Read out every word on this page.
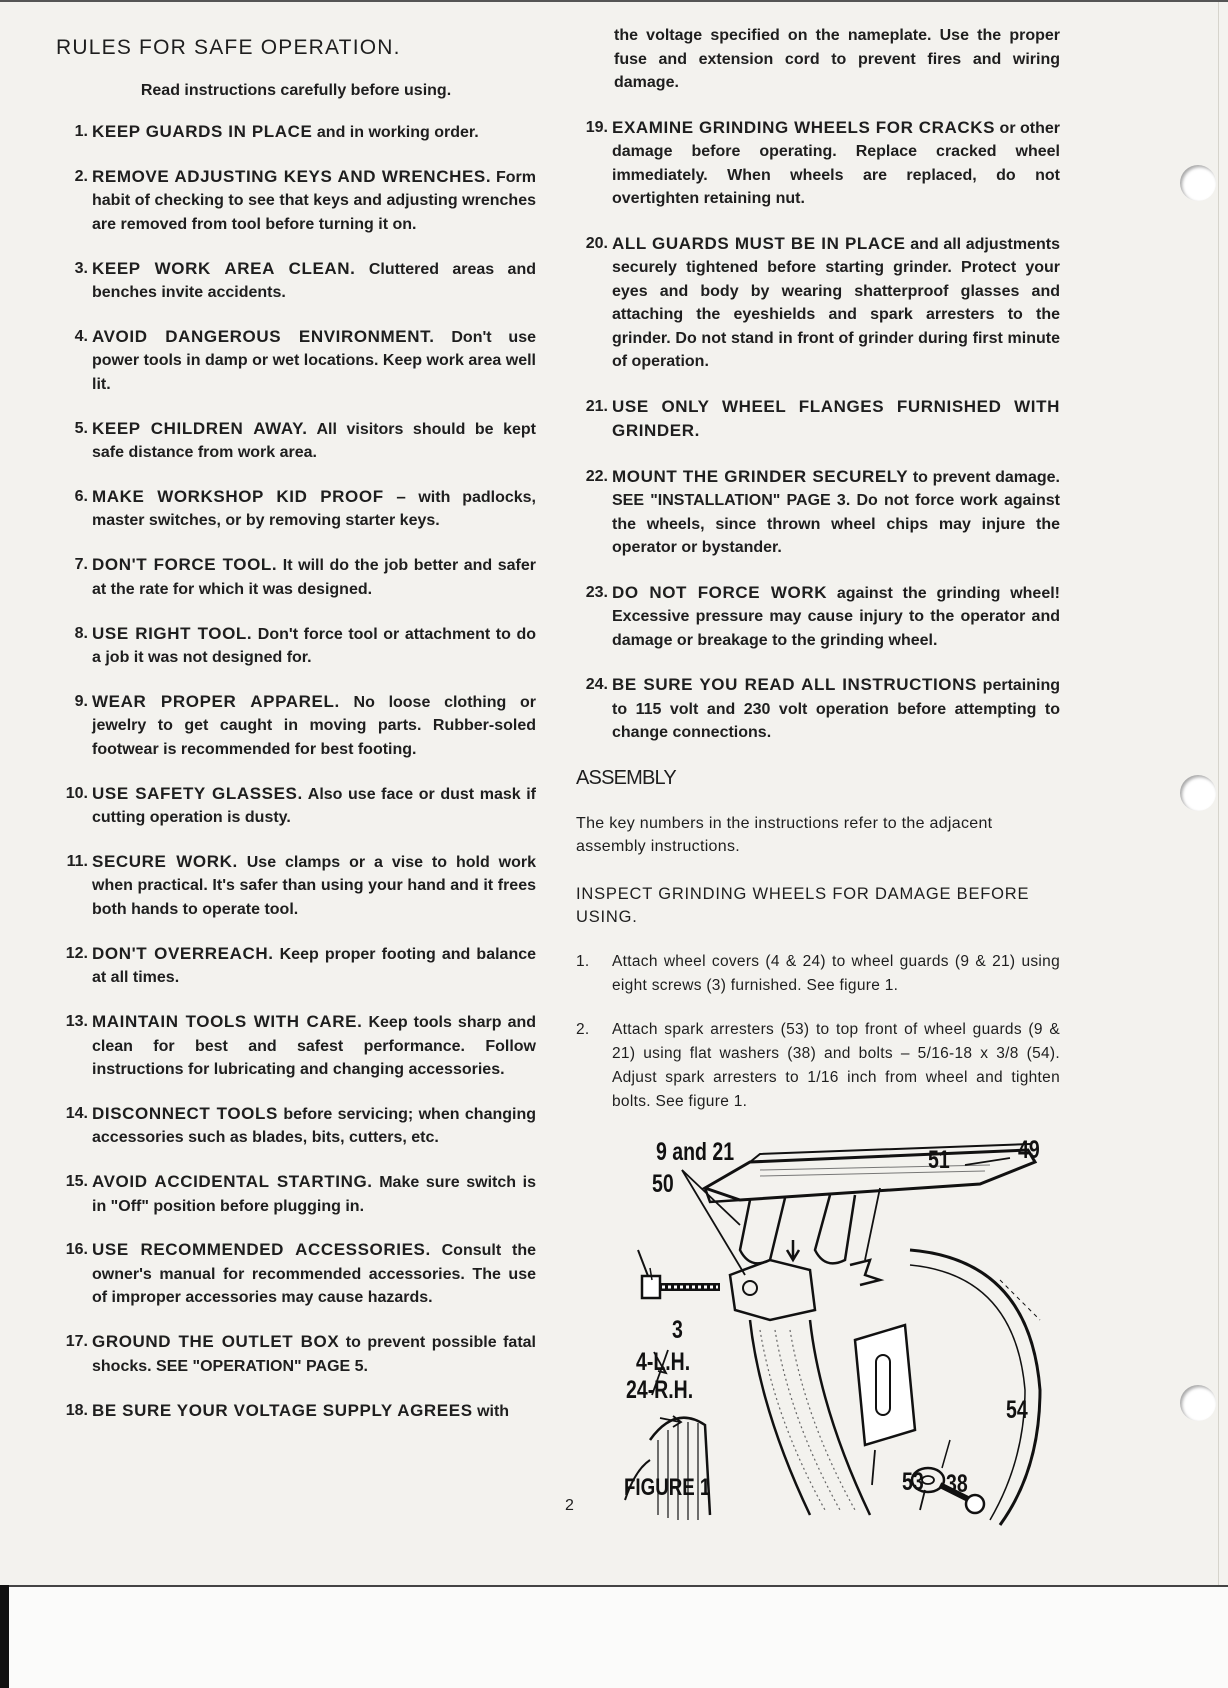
RULES FOR SAFE OPERATION.

Read instructions carefully before using.

1. KEEP GUARDS IN PLACE and in working order.
2. REMOVE ADJUSTING KEYS AND WRENCHES. Form habit of checking to see that keys and adjusting wrenches are removed from tool before turning it on.
3. KEEP WORK AREA CLEAN. Cluttered areas and benches invite accidents.
4. AVOID DANGEROUS ENVIRONMENT. Don't use power tools in damp or wet locations. Keep work area well lit.
5. KEEP CHILDREN AWAY. All visitors should be kept safe distance from work area.
6. MAKE WORKSHOP KID PROOF – with padlocks, master switches, or by removing starter keys.
7. DON'T FORCE TOOL. It will do the job better and safer at the rate for which it was designed.
8. USE RIGHT TOOL. Don't force tool or attachment to do a job it was not designed for.
9. WEAR PROPER APPAREL. No loose clothing or jewelry to get caught in moving parts. Rubber-soled footwear is recommended for best footing.
10. USE SAFETY GLASSES. Also use face or dust mask if cutting operation is dusty.
11. SECURE WORK. Use clamps or a vise to hold work when practical. It's safer than using your hand and it frees both hands to operate tool.
12. DON'T OVERREACH. Keep proper footing and balance at all times.
13. MAINTAIN TOOLS WITH CARE. Keep tools sharp and clean for best and safest performance. Follow instructions for lubricating and changing accessories.
14. DISCONNECT TOOLS before servicing; when changing accessories such as blades, bits, cutters, etc.
15. AVOID ACCIDENTAL STARTING. Make sure switch is in "Off" position before plugging in.
16. USE RECOMMENDED ACCESSORIES. Consult the owner's manual for recommended accessories. The use of improper accessories may cause hazards.
17. GROUND THE OUTLET BOX to prevent possible fatal shocks. SEE "OPERATION" PAGE 5.
18. BE SURE YOUR VOLTAGE SUPPLY AGREES with
the voltage specified on the nameplate. Use the proper fuse and extension cord to prevent fires and wiring damage.
19. EXAMINE GRINDING WHEELS FOR CRACKS or other damage before operating. Replace cracked wheel immediately. When wheels are replaced, do not overtighten retaining nut.
20. ALL GUARDS MUST BE IN PLACE and all adjustments securely tightened before starting grinder. Protect your eyes and body by wearing shatterproof glasses and attaching the eyeshields and spark arresters to the grinder. Do not stand in front of grinder during first minute of operation.
21. USE ONLY WHEEL FLANGES FURNISHED WITH GRINDER.
22. MOUNT THE GRINDER SECURELY to prevent damage. SEE "INSTALLATION" PAGE 3. Do not force work against the wheels, since thrown wheel chips may injure the operator or bystander.
23. DO NOT FORCE WORK against the grinding wheel! Excessive pressure may cause injury to the operator and damage or breakage to the grinding wheel.
24. BE SURE YOU READ ALL INSTRUCTIONS pertaining to 115 volt and 230 volt operation before attempting to change connections.
ASSEMBLY
The key numbers in the instructions refer to the adjacent assembly instructions.
INSPECT GRINDING WHEELS FOR DAMAGE BEFORE USING.
1. Attach wheel covers (4 & 24) to wheel guards (9 & 21) using eight screws (3) furnished. See figure 1.
2. Attach spark arresters (53) to top front of wheel guards (9 & 21) using flat washers (38) and bolts – 5/16-18 x 3/8 (54). Adjust spark arresters to 1/16 inch from wheel and tighten bolts. See figure 1.
9 and 21
50
51	49
3
4-L.H.
24-R.H.
54
53 38
FIGURE 1
2
